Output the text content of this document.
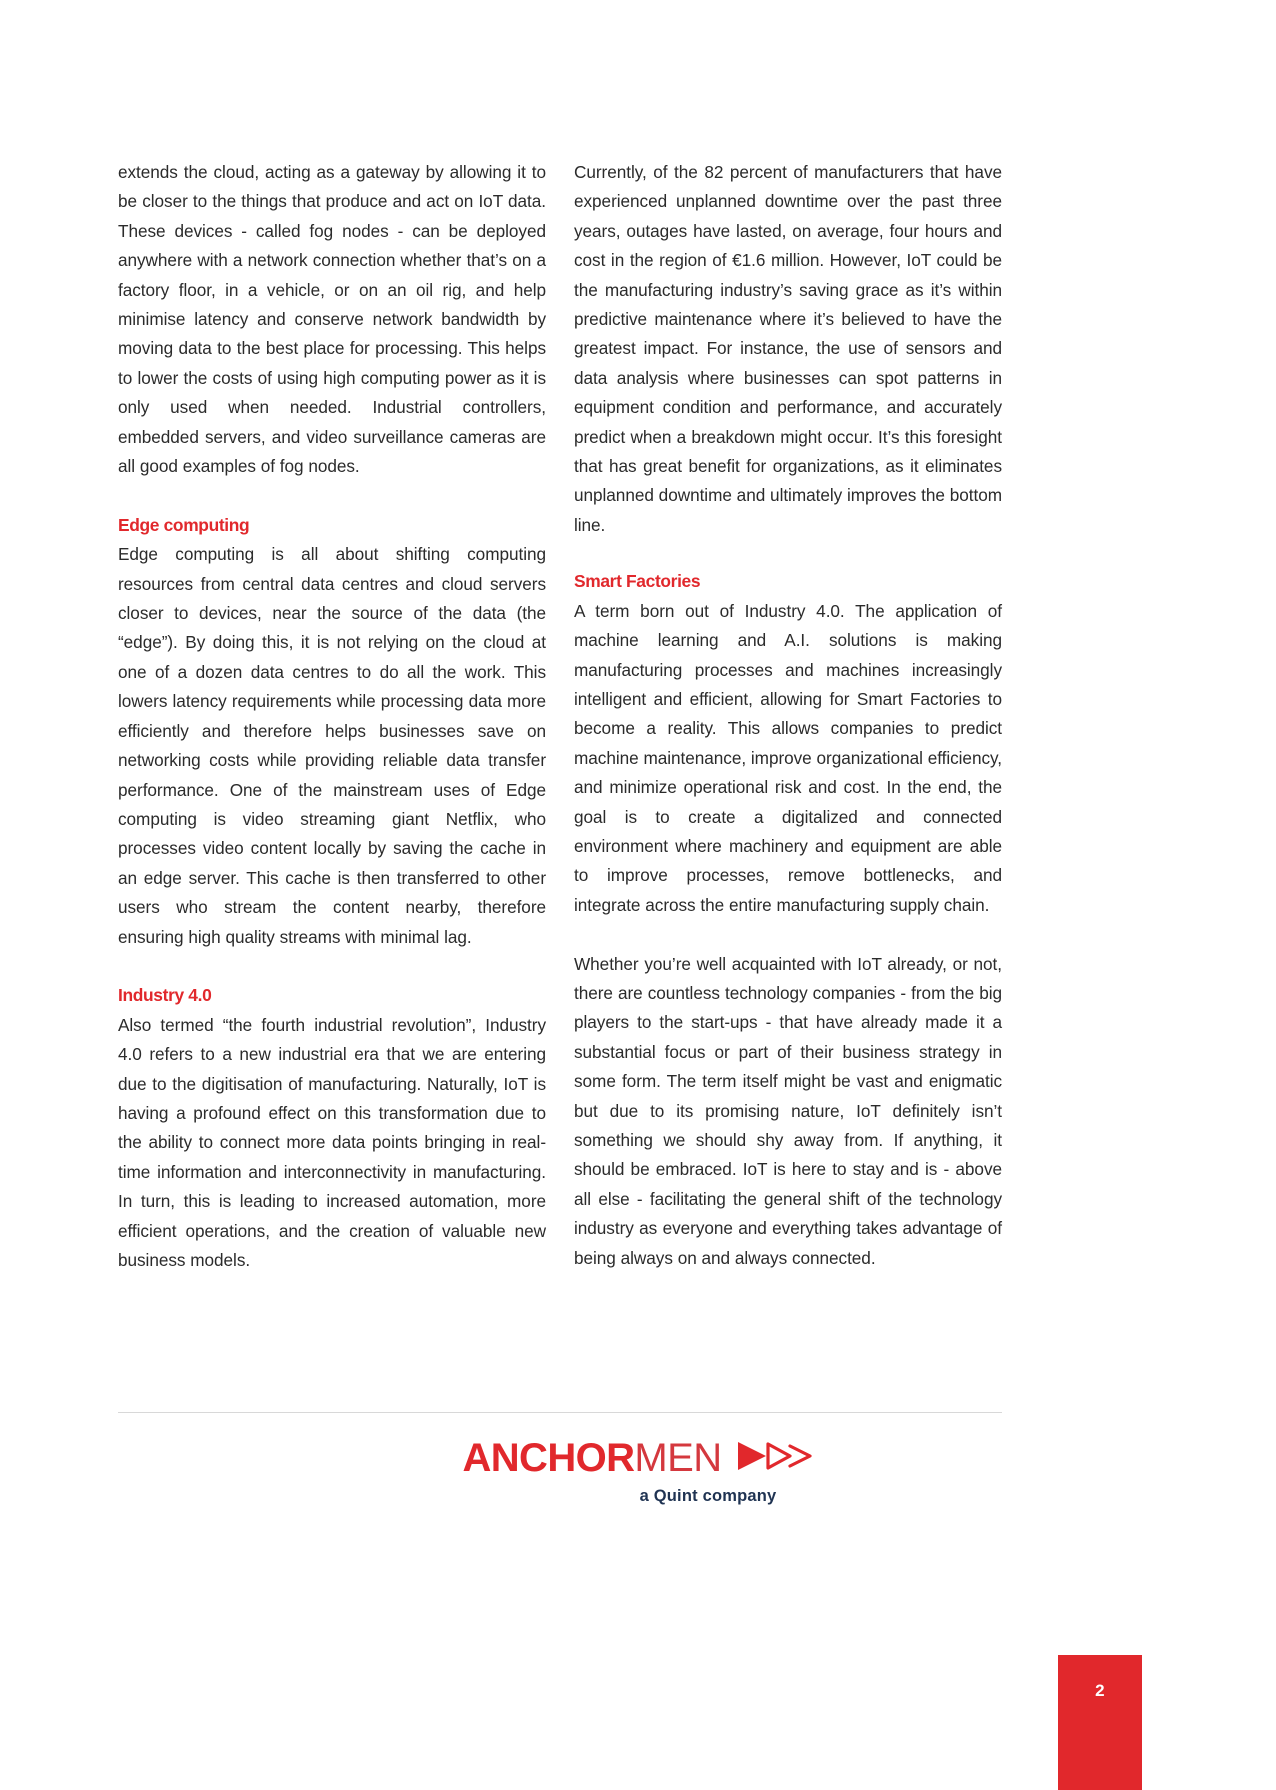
extends the cloud, acting as a gateway by allowing it to be closer to the things that produce and act on IoT data. These devices - called fog nodes - can be deployed anywhere with a network connection whether that’s on a factory floor, in a vehicle, or on an oil rig, and help minimise latency and conserve network bandwidth by moving data to the best place for processing. This helps to lower the costs of using high computing power as it is only used when needed. Industrial controllers, embedded servers, and video surveillance cameras are all good examples of fog nodes.

Edge computing

Edge computing is all about shifting computing resources from central data centres and cloud servers closer to devices, near the source of the data (the “edge”). By doing this, it is not relying on the cloud at one of a dozen data centres to do all the work. This lowers latency requirements while processing data more efficiently and therefore helps businesses save on networking costs while providing reliable data transfer performance. One of the mainstream uses of Edge computing is video streaming giant Netflix, who processes video content locally by saving the cache in an edge server. This cache is then transferred to other users who stream the content nearby, therefore ensuring high quality streams with minimal lag.

Industry 4.0

Also termed “the fourth industrial revolution”, Industry 4.0 refers to a new industrial era that we are entering due to the digitisation of manufacturing. Naturally, IoT is having a profound effect on this transformation due to the ability to connect more data points bringing in real-time information and interconnectivity in manufacturing. In turn, this is leading to increased automation, more efficient operations, and the creation of valuable new business models.

Currently, of the 82 percent of manufacturers that have experienced unplanned downtime over the past three years, outages have lasted, on average, four hours and cost in the region of €1.6 million. However, IoT could be the manufacturing industry’s saving grace as it’s within predictive maintenance where it’s believed to have the greatest impact. For instance, the use of sensors and data analysis where businesses can spot patterns in equipment condition and performance, and accurately predict when a breakdown might occur. It’s this foresight that has great benefit for organizations, as it eliminates unplanned downtime and ultimately improves the bottom line.

Smart Factories

A term born out of Industry 4.0. The application of machine learning and A.I. solutions is making manufacturing processes and machines increasingly intelligent and efficient, allowing for Smart Factories to become a reality. This allows companies to predict machine maintenance, improve organizational efficiency, and minimize operational risk and cost. In the end, the goal is to create a digitalized and connected environment where machinery and equipment are able to improve processes, remove bottlenecks, and integrate across the entire manufacturing supply chain.

Whether you’re well acquainted with IoT already, or not, there are countless technology companies - from the big players to the start-ups - that have already made it a substantial focus or part of their business strategy in some form. The term itself might be vast and enigmatic but due to its promising nature, IoT definitely isn’t something we should shy away from. If anything, it should be embraced. IoT is here to stay and is - above all else - facilitating the general shift of the technology industry as everyone and everything takes advantage of being always on and always connected.

ANCHOR MEN
a Quint company
2
